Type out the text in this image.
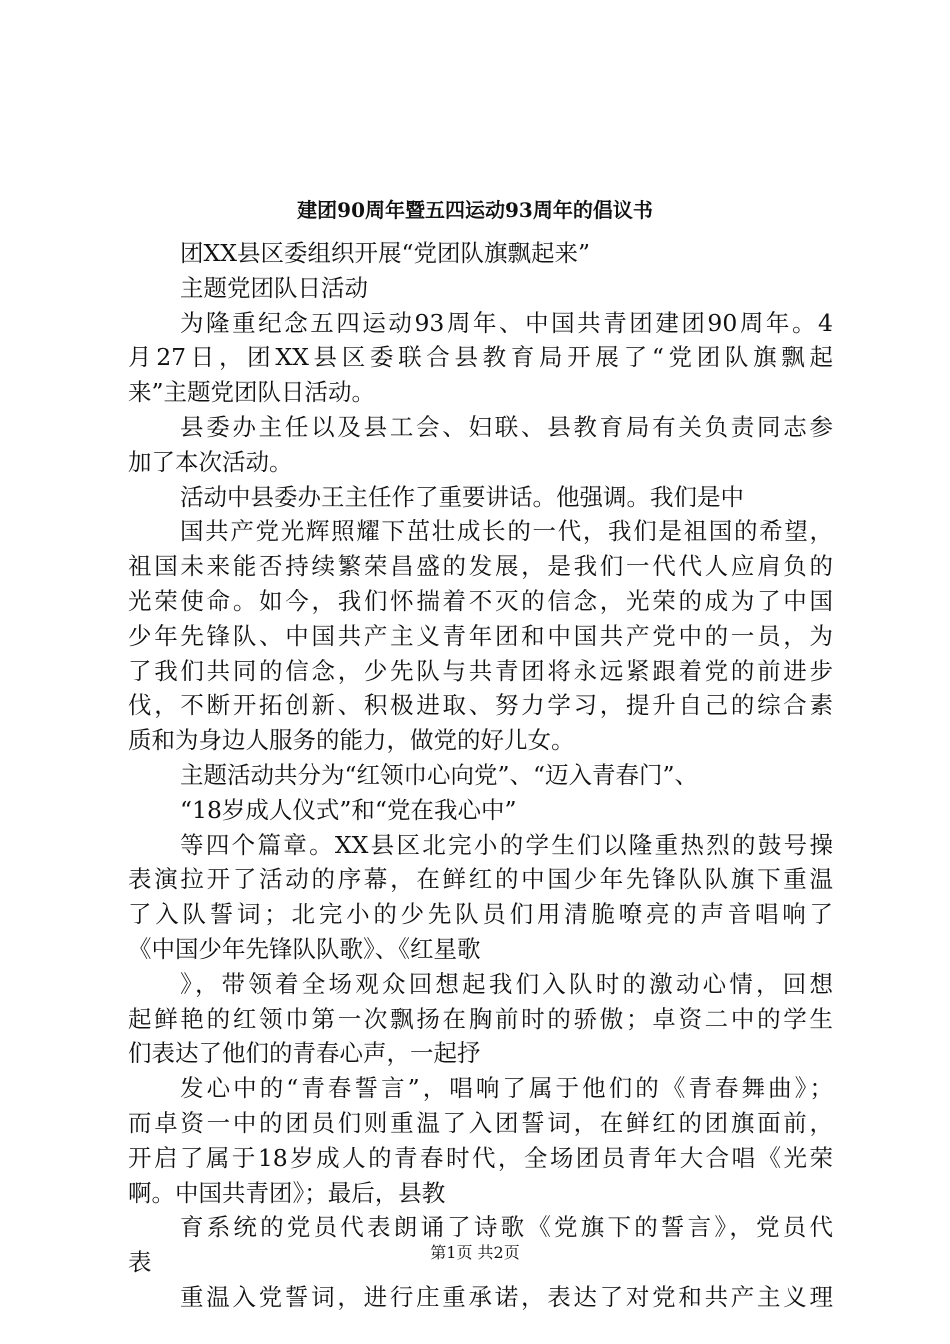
建团90周年暨五四运动93周年的倡议书
团XX县区委组织开展“党团队旗飘起来”
主题党团队日活动
为隆重纪念五四运动93周年、中国共青团建团90周年。4
月27日，团XX县区委联合县教育局开展了“党团队旗飘起
来”主题党团队日活动。
县委办主任以及县工会、妇联、县教育局有关负责同志参
加了本次活动。
活动中县委办王主任作了重要讲话。他强调。我们是中
国共产党光辉照耀下茁壮成长的一代，我们是祖国的希望，
祖国未来能否持续繁荣昌盛的发展，是我们一代代人应肩负的
光荣使命。如今，我们怀揣着不灭的信念，光荣的成为了中国
少年先锋队、中国共产主义青年团和中国共产党中的一员，为
了我们共同的信念，少先队与共青团将永远紧跟着党的前进步
伐，不断开拓创新、积极进取、努力学习，提升自己的综合素
质和为身边人服务的能力，做党的好儿女。
主题活动共分为“红领巾心向党”、“迈入青春门”、
“18岁成人仪式”和“党在我心中”
等四个篇章。XX县区北完小的学生们以隆重热烈的鼓号操
表演拉开了活动的序幕，在鲜红的中国少年先锋队队旗下重温
了入队誓词；北完小的少先队员们用清脆嘹亮的声音唱响了
《中国少年先锋队队歌》、《红星歌
》，带领着全场观众回想起我们入队时的激动心情，回想
起鲜艳的红领巾第一次飘扬在胸前时的骄傲；卓资二中的学生
们表达了他们的青春心声，一起抒
发心中的“青春誓言”，唱响了属于他们的《青春舞曲》；
而卓资一中的团员们则重温了入团誓词，在鲜红的团旗面前，
开启了属于18岁成人的青春时代，全场团员青年大合唱《光荣
啊。中国共青团》；最后，县教
育系统的党员代表朗诵了诗歌《党旗下的誓言》，党员代
表
重温入党誓词，进行庄重承诺，表达了对党和共产主义理
第1页 共2页
